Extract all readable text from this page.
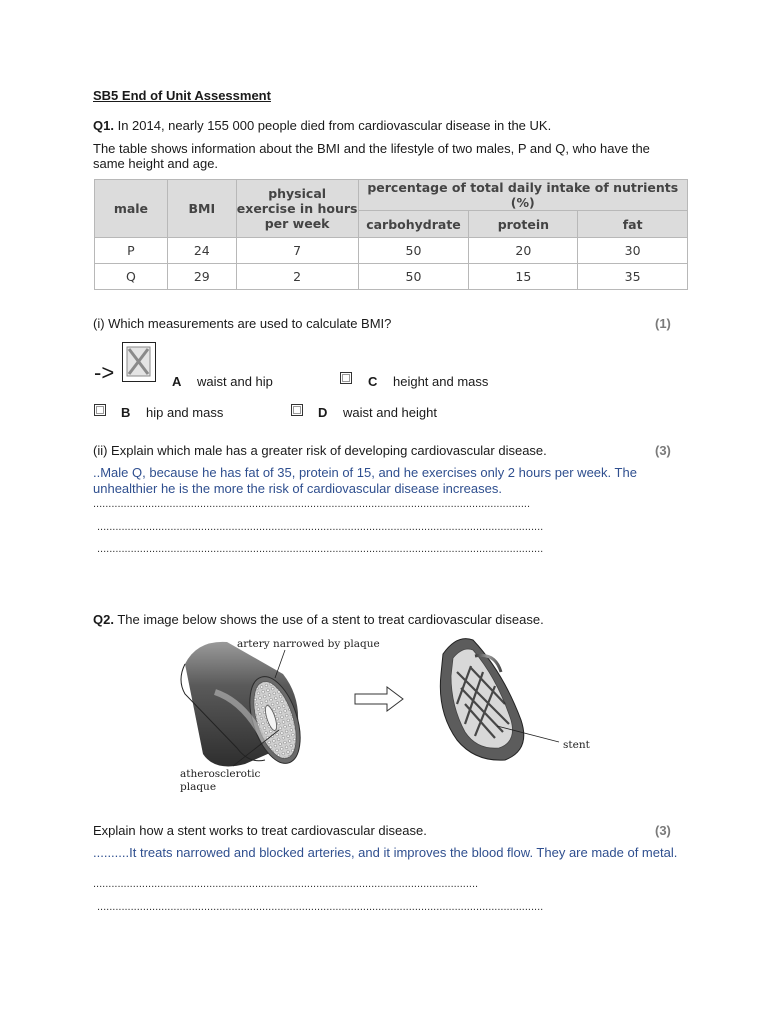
SB5 End of Unit Assessment
Q1. In 2014, nearly 155 000 people died from cardiovascular disease in the UK.
The table shows information about the BMI and the lifestyle of two males, P and Q, who have the same height and age.
male	BMI	physical exercise in hours per week	percentage of total daily intake of nutrients (%)		
			carbohydrate	protein	fat
P	24	7	50	20	30
Q	29	2	50	15	35
(i) Which measurements are used to calculate BMI?	(1)
->	A waist and hip	C height and mass
B hip and mass	D waist and height
(ii) Explain which male has a greater risk of developing cardiovascular disease.	(3)
..Male Q, because he has fat of 35, protein of 15, and he exercises only 2 hours per week. The unhealthier he is the more the risk of cardiovascular disease increases.
...............................................................................................................................................
..................................................................................................................................................
..................................................................................................................................................
Q2. The image below shows the use of a stent to treat cardiovascular disease.
artery narrowed by plaque
atherosclerotic
plaque
stent
Explain how a stent works to treat cardiovascular disease.	(3)
..........It treats narrowed and blocked arteries, and it improves the blood flow. They are made of metal.
..............................................................................................................................
..................................................................................................................................................
